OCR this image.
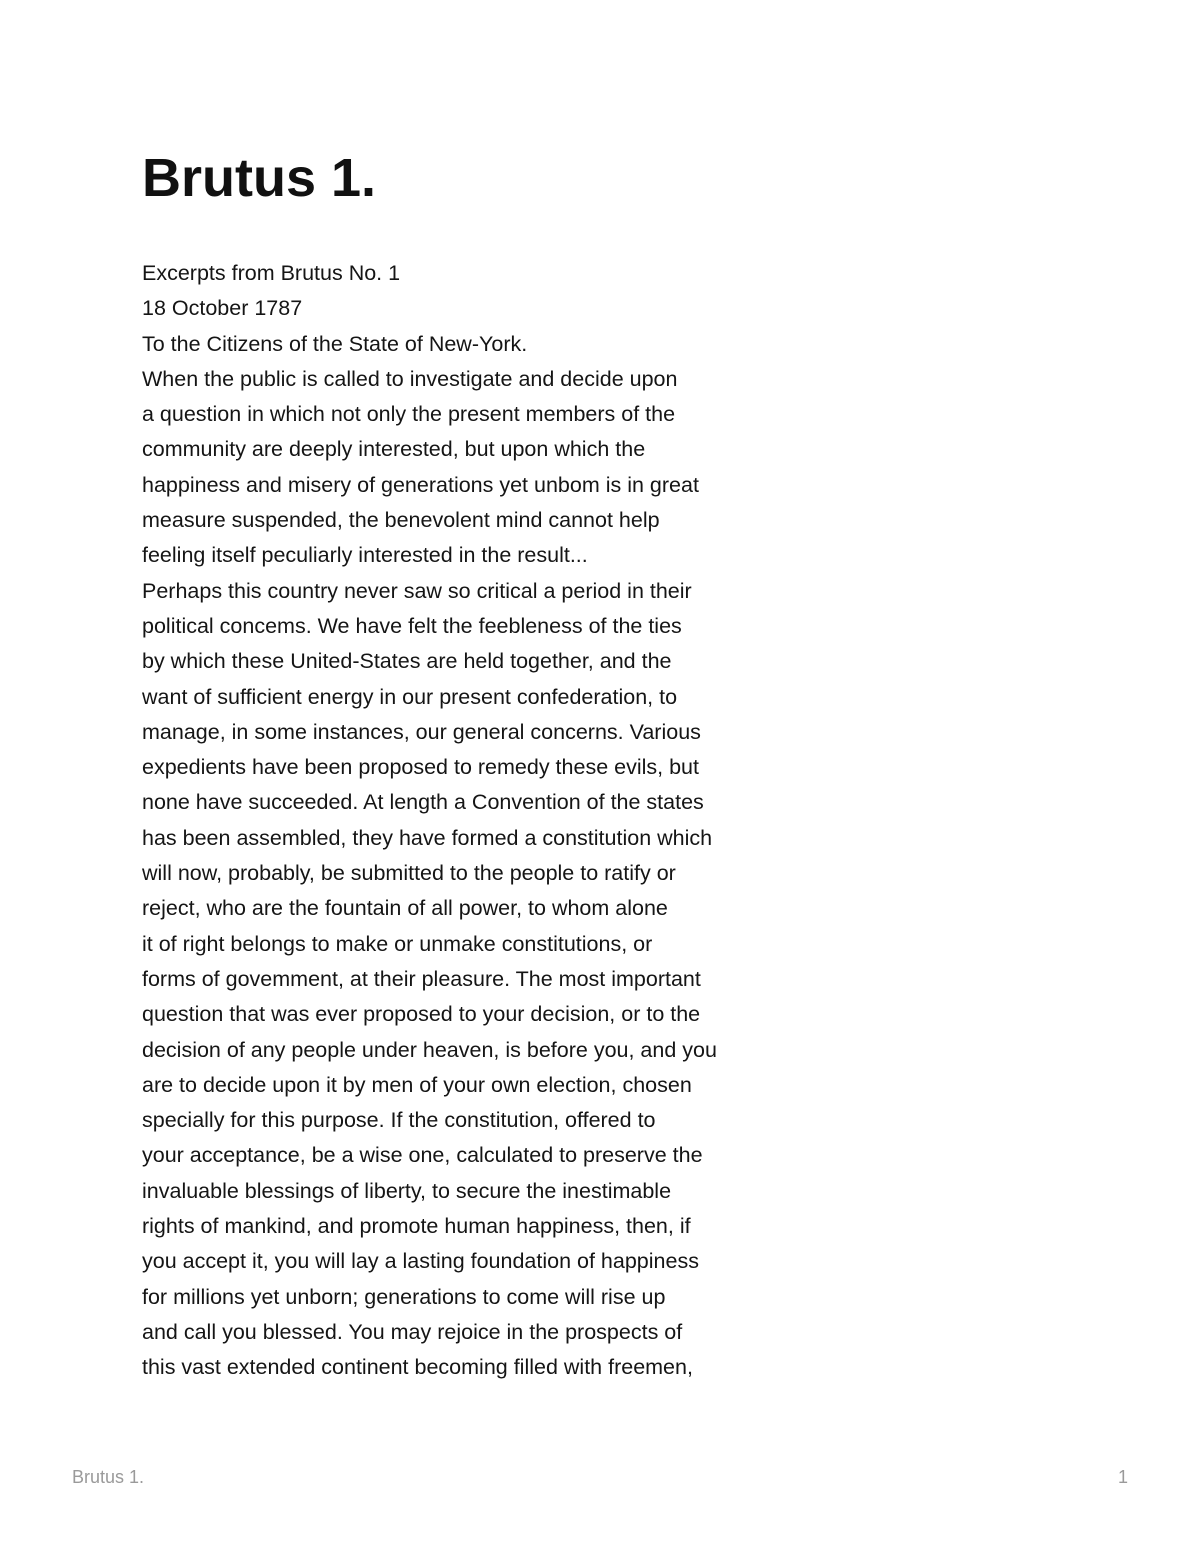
Brutus 1.
Excerpts from Brutus No. 1
18 October 1787
To the Citizens of the State of New-York.
When the public is called to investigate and decide upon
a question in which not only the present members of the
community are deeply interested, but upon which the
happiness and misery of generations yet unbom is in great
measure suspended, the benevolent mind cannot help
feeling itself peculiarly interested in the result...
Perhaps this country never saw so critical a period in their
political concems. We have felt the feebleness of the ties
by which these United-States are held together, and the
want of sufficient energy in our present confederation, to
manage, in some instances, our general concerns. Various
expedients have been proposed to remedy these evils, but
none have succeeded. At length a Convention of the states
has been assembled, they have formed a constitution which
will now, probably, be submitted to the people to ratify or
reject, who are the fountain of all power, to whom alone
it of right belongs to make or unmake constitutions, or
forms of govemment, at their pleasure. The most important
question that was ever proposed to your decision, or to the
decision of any people under heaven, is before you, and you
are to decide upon it by men of your own election, chosen
specially for this purpose. If the constitution, offered to
your acceptance, be a wise one, calculated to preserve the
invaluable blessings of liberty, to secure the inestimable
rights of mankind, and promote human happiness, then, if
you accept it, you will lay a lasting foundation of happiness
for millions yet unborn; generations to come will rise up
and call you blessed. You may rejoice in the prospects of
this vast extended continent becoming filled with freemen,
Brutus 1.	1
